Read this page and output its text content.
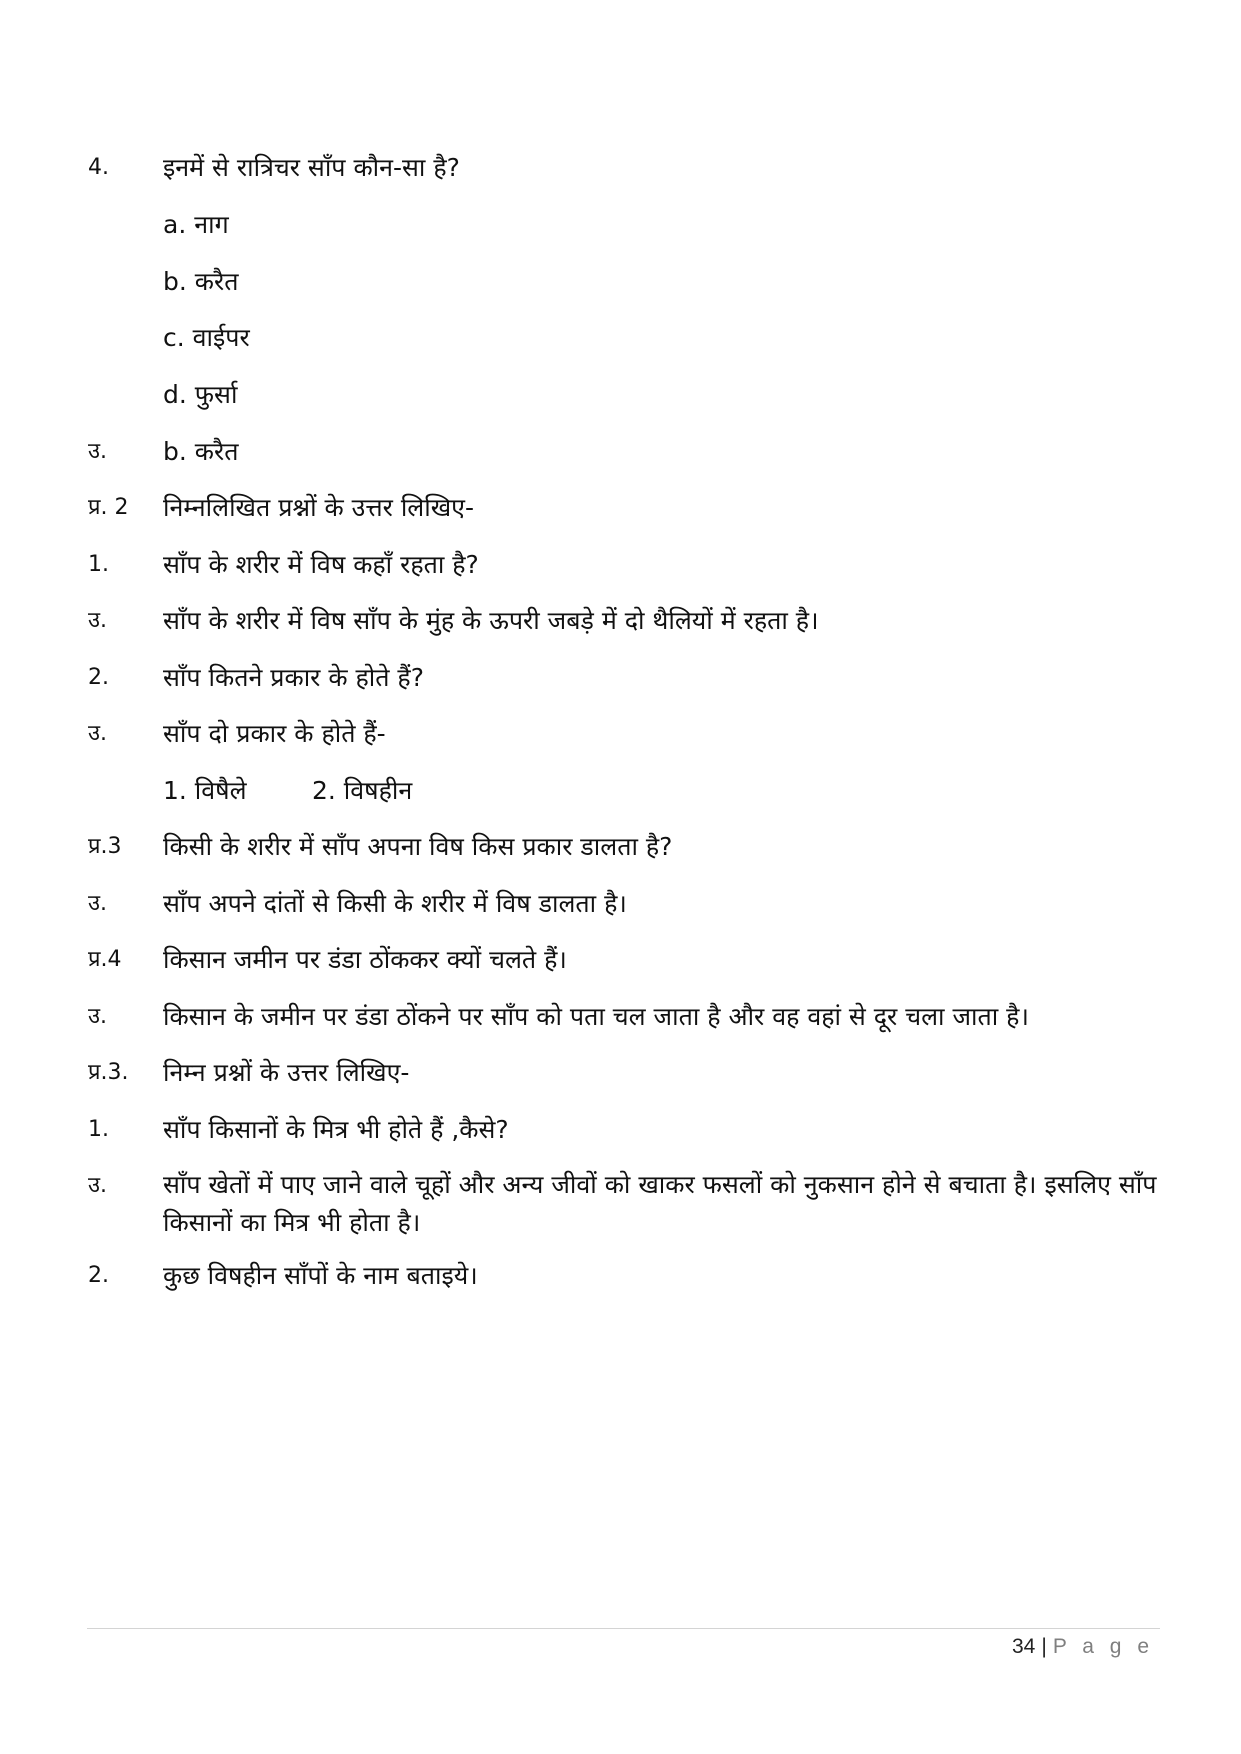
4. इनमें से रात्रिचर साँप कौन-सा है?
a. नाग
b. करैत
c. वाईपर
d. फुर्सा
उ. b. करैत
प्र. 2 निम्नलिखित प्रश्नों के उत्तर लिखिए-
1. साँप के शरीर में विष कहाँ रहता है?
उ. साँप के शरीर में विष साँप के मुंह के ऊपरी जबड़े में दो थैलियों में रहता है।
2. साँप कितने प्रकार के होते हैं?
उ. साँप दो प्रकार के होते हैं-
1. विषैले	2. विषहीन
प्र.3 किसी के शरीर में साँप अपना विष किस प्रकार डालता है?
उ. साँप अपने दांतों से किसी के शरीर में विष डालता है।
प्र.4 किसान जमीन पर डंडा ठोंककर क्यों चलते हैं।
उ. किसान के जमीन पर डंडा ठोंकने पर साँप को पता चल जाता है और वह वहां से दूर चला जाता है।
प्र.3. निम्न प्रश्नों के उत्तर लिखिए-
1. साँप किसानों के मित्र भी होते हैं ,कैसे?
उ. साँप खेतों में पाए जाने वाले चूहों और अन्य जीवों को खाकर फसलों को नुकसान होने से बचाता है। इसलिए साँप किसानों का मित्र भी होता है।
2. कुछ विषहीन साँपों के नाम बताइये।
34 | P a g e
